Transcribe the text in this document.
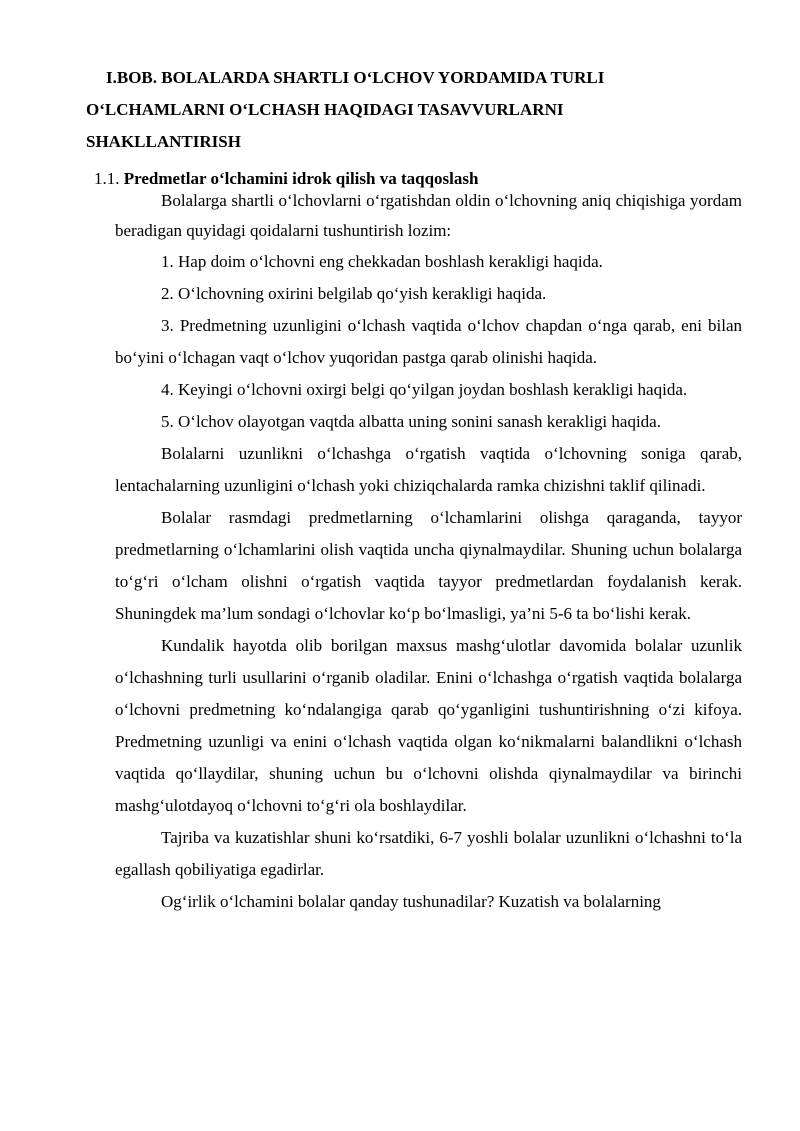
I.BOB. BOLALARDA SHARTLI O‘LCHOV YORDAMIDA TURLI
O‘LCHAMLARNI O‘LCHASH HAQIDAGI TASAVVURLARNI
SHAKLLANTIRISH

1.1. Predmetlar o‘lchamini idrok qilish va taqqoslash

Bolalarga shartli o‘lchovlarni o‘rgatishdan oldin o‘lchovning aniq chiqishiga yordam beradigan quyidagi qoidalarni tushuntirish lozim:

1. Hap doim o‘lchovni eng chekkadan boshlash kerakligi haqida.

2. O‘lchovning oxirini belgilab qo‘yish kerakligi haqida.

3. Predmetning uzunligini o‘lchash vaqtida o‘lchov chapdan o‘nga qarab, eni bilan bo‘yini o‘lchagan vaqt o‘lchov yuqoridan pastga qarab olinishi haqida.

4. Keyingi o‘lchovni oxirgi belgi qo‘yilgan joydan boshlash kerakligi haqida.

5. O‘lchov olayotgan vaqtda albatta uning sonini sanash kerakligi haqida.

Bolalarni uzunlikni o‘lchashga o‘rgatish vaqtida o‘lchovning soniga qarab, lentachalarning uzunligini o‘lchash yoki chiziqchalarda ramka chizishni taklif qilinadi.

Bolalar rasmdagi predmetlarning o‘lchamlarini olishga qaraganda, tayyor predmetlarning o‘lchamlarini olish vaqtida uncha qiynalmaydilar. Shuning uchun bolalarga to‘g‘ri o‘lcham olishni o‘rgatish vaqtida tayyor predmetlardan foydalanish kerak. Shuningdek ma’lum sondagi o‘lchovlar ko‘p bo‘lmasligi, ya’ni 5-6 ta bo‘lishi kerak.

Kundalik hayotda olib borilgan maxsus mashg‘ulotlar davomida bolalar uzunlik o‘lchashning turli usullarini o‘rganib oladilar. Enini o‘lchashga o‘rgatish vaqtida bolalarga o‘lchovni predmetning ko‘ndalangiga qarab qo‘yganligini tushuntirishning o‘zi kifoya. Predmetning uzunligi va enini o‘lchash vaqtida olgan ko‘nikmalarni balandlikni o‘lchash vaqtida qo‘llaydilar, shuning uchun bu o‘lchovni olishda qiynalmaydilar va birinchi mashg‘ulotdayoq o‘lchovni to‘g‘ri ola boshlaydilar.

Tajriba va kuzatishlar shuni ko‘rsatdiki, 6-7 yoshli bolalar uzunlikni o‘lchashni to‘la egallash qobiliyatiga egadirlar.

Og‘irlik o‘lchamini bolalar qanday tushunadilar? Kuzatish va bolalarning
